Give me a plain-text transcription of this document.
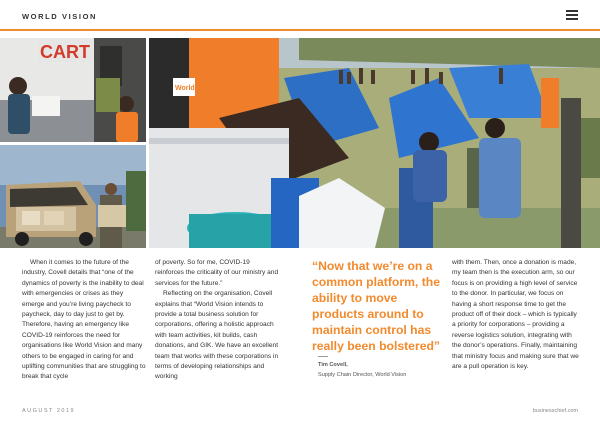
WORLD VISION
CART
World

When it comes to the future of the industry, Covell details that “one of the dynamics of poverty is the inability to deal with emergencies or crises as they emerge and you’re living paycheck to paycheck, day to day just to get by. Therefore, having an emergency like COVID-19 reinforces the need for organisations like World Vision and many others to be engaged in caring for and uplifting communities that are struggling to break that cycle

of poverty. So for me, COVID-19 reinforces the criticality of our ministry and services for the future.”

Reflecting on the organisation, Covell explains that “World Vision intends to provide a total business solution for corporations, offering a holistic approach with team activities, kit builds, cash donations, and GIK. We have an excellent team that works with these corporations in terms of developing relationships and working

“Now that we’re on a common platform, the ability to move products around to maintain control has really been bolstered”
Tim Covell,
Supply Chain Director, World Vision

with them. Then, once a donation is made, my team then is the execution arm, so our focus is on providing a high level of service to the donor. In particular, we focus on having a short response time to get the product off of their dock – which is typically a priority for corporations – providing a reverse logistics solution, integrating with the donor’s operations. Finally, maintaining that ministry focus and making sure that we are a pull operation is key.

AUGUST 2019	businesschief.com
